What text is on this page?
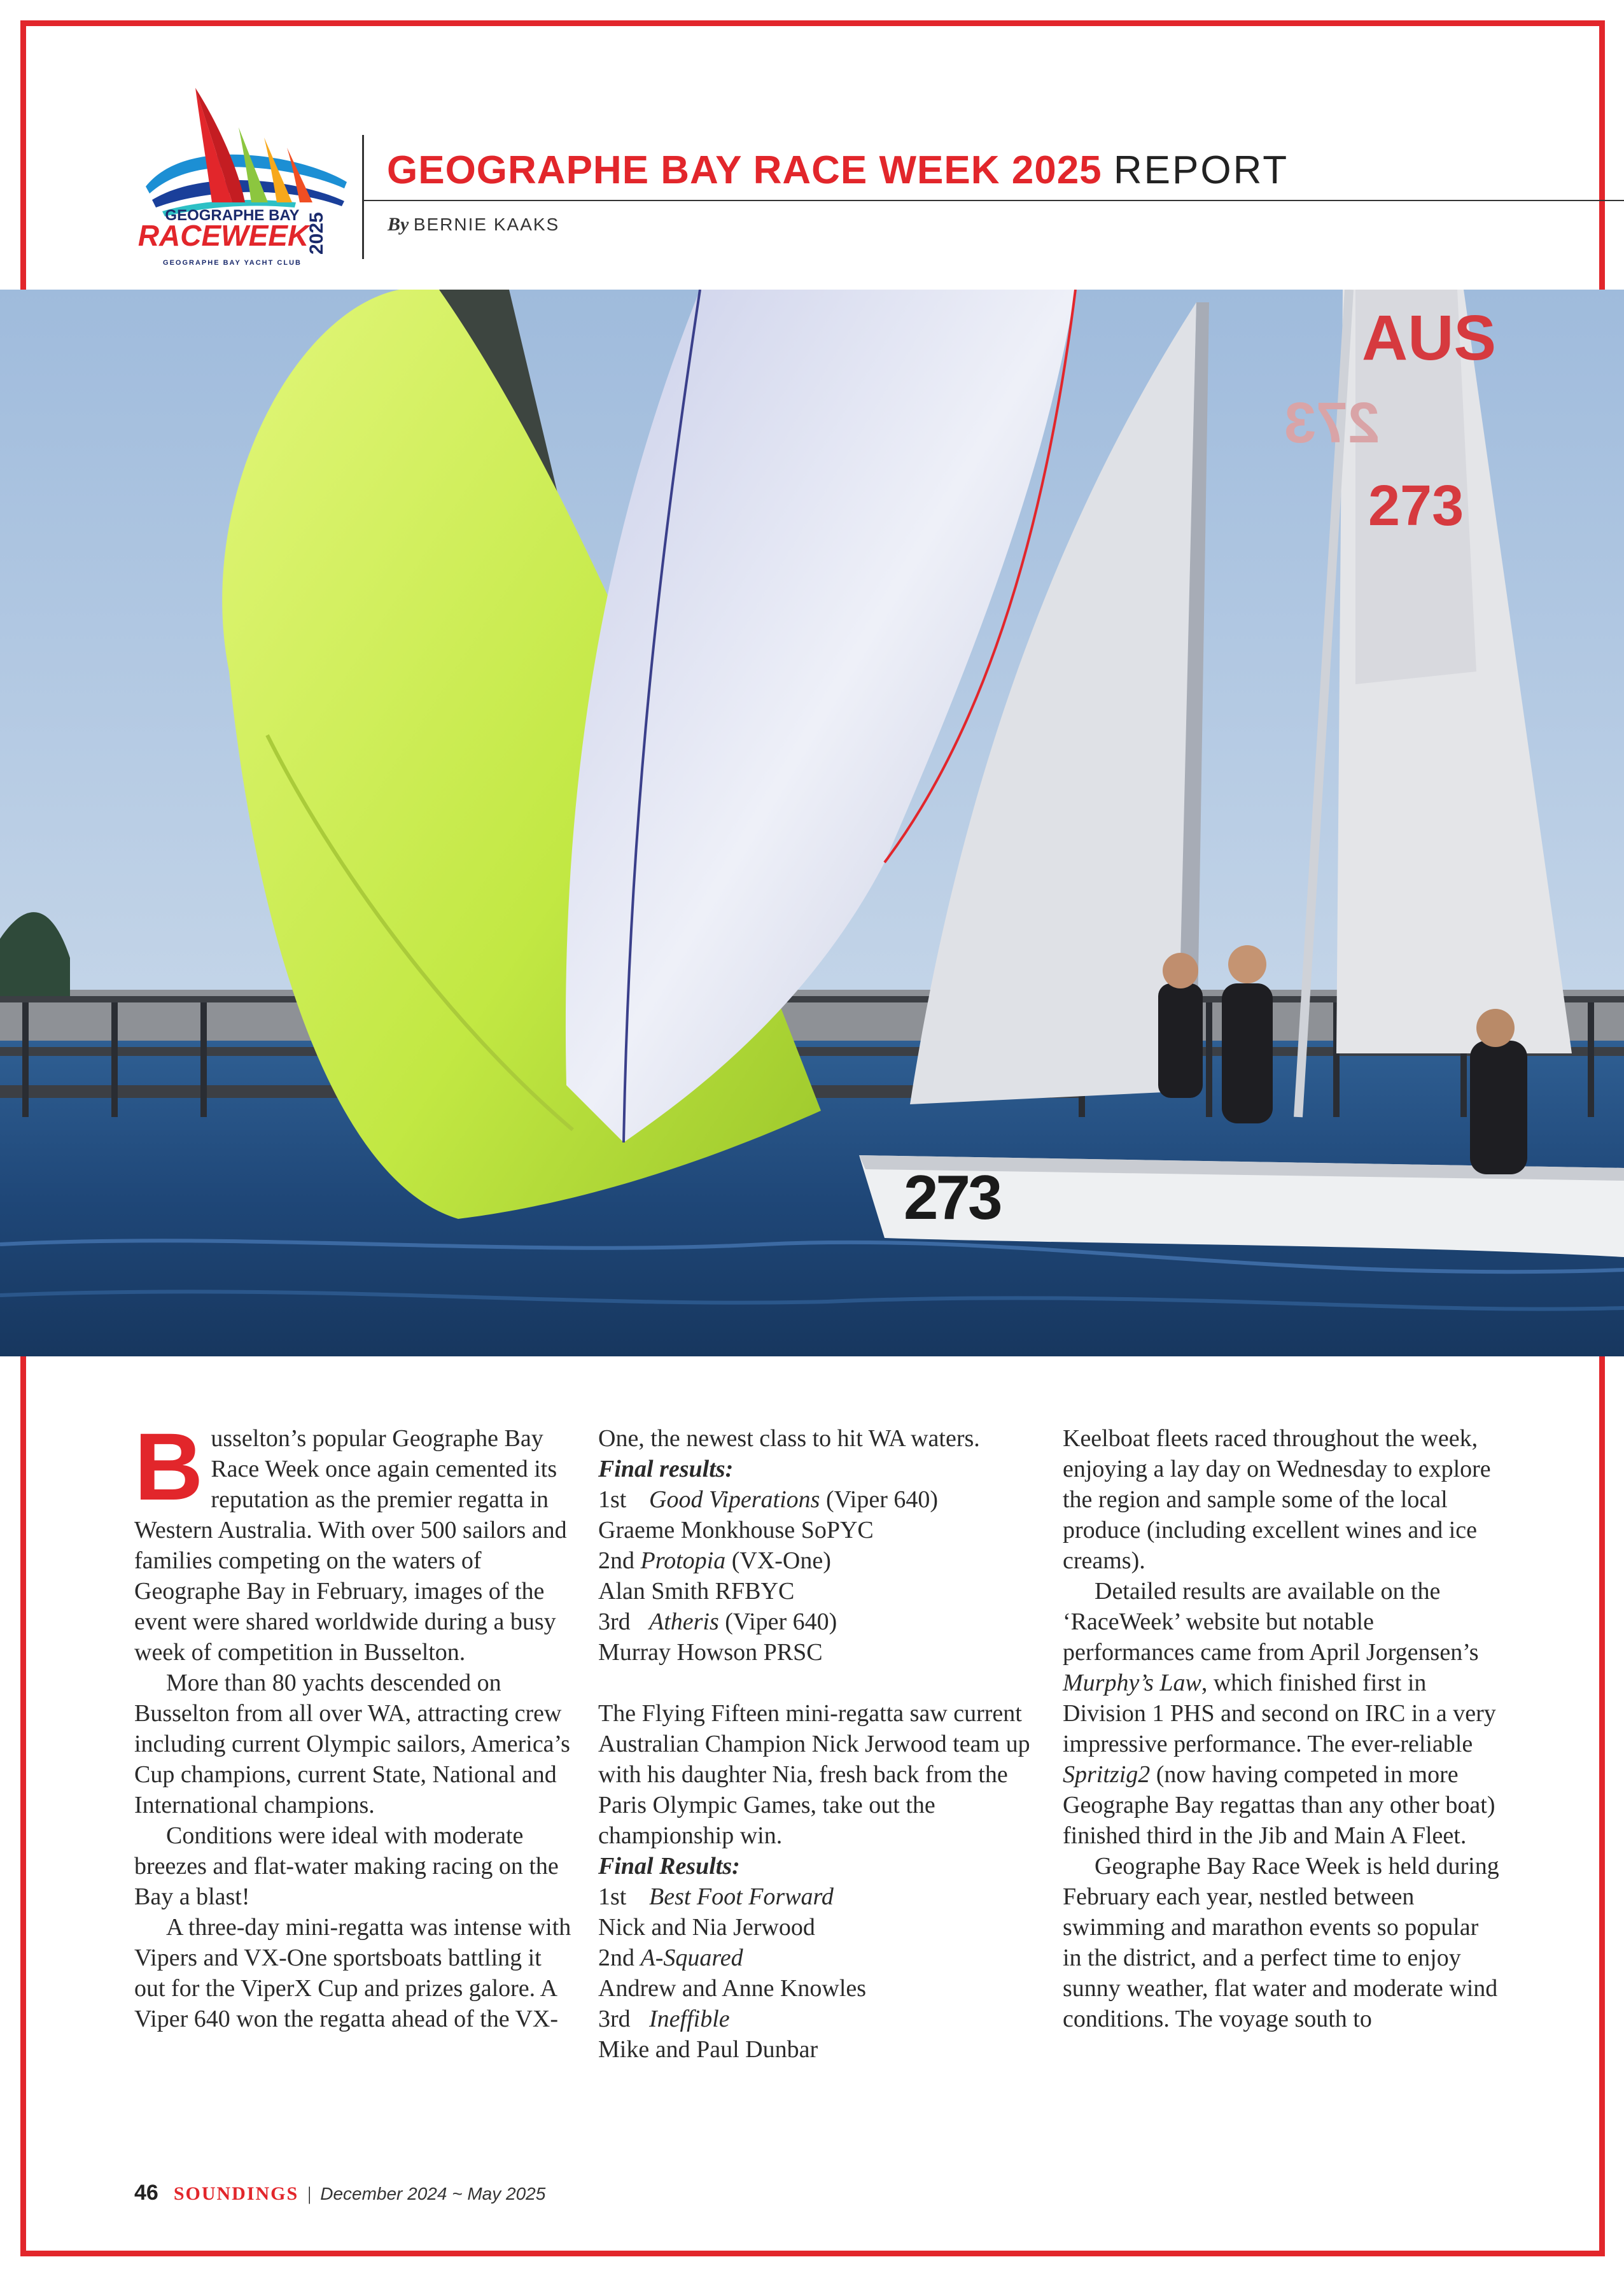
GEOGRAPHE BAY
RACEWEEK
2025
GEOGRAPHE BAY YACHT CLUB
GEOGRAPHE BAY RACE WEEK 2025 REPORT
By BERNIE KAAKS
AUS
273
273
273

Busselton’s popular Geographe Bay Race Week once again cemented its reputation as the premier regatta in Western Australia. With over 500 sailors and families competing on the waters of Geographe Bay in February, images of the event were shared worldwide during a busy week of competition in Busselton.

More than 80 yachts descended on Busselton from all over WA, attracting crew including current Olympic sailors, America’s Cup champions, current State, National and International champions.

Conditions were ideal with moderate breezes and flat-water making racing on the Bay a blast!

A three-day mini-regatta was intense with Vipers and VX-One sportsboats battling it out for the ViperX Cup and prizes galore. A Viper 640 won the regatta ahead of the VX-

One, the newest class to hit WA waters.

Final results:

1st Good Viperations (Viper 640)

Graeme Monkhouse SoPYC

2nd Protopia (VX-One)

Alan Smith RFBYC

3rd Atheris (Viper 640)

Murray Howson PRSC

The Flying Fifteen mini-regatta saw current Australian Champion Nick Jerwood team up with his daughter Nia, fresh back from the Paris Olympic Games, take out the championship win.

Final Results:

1st Best Foot Forward

Nick and Nia Jerwood

2nd A-Squared

Andrew and Anne Knowles

3rd Ineffible

Mike and Paul Dunbar

Keelboat fleets raced throughout the week, enjoying a lay day on Wednesday to explore the region and sample some of the local produce (including excellent wines and ice creams).

Detailed results are available on the ‘RaceWeek’ website but notable performances came from April Jorgensen’s Murphy’s Law, which finished first in Division 1 PHS and second on IRC in a very impressive performance. The ever-reliable Spritzig2 (now having competed in more Geographe Bay regattas than any other boat) finished third in the Jib and Main A Fleet.

Geographe Bay Race Week is held during February each year, nestled between swimming and marathon events so popular in the district, and a perfect time to enjoy sunny weather, flat water and moderate wind conditions. The voyage south to

46 SOUNDINGS | December 2024 ~ May 2025
